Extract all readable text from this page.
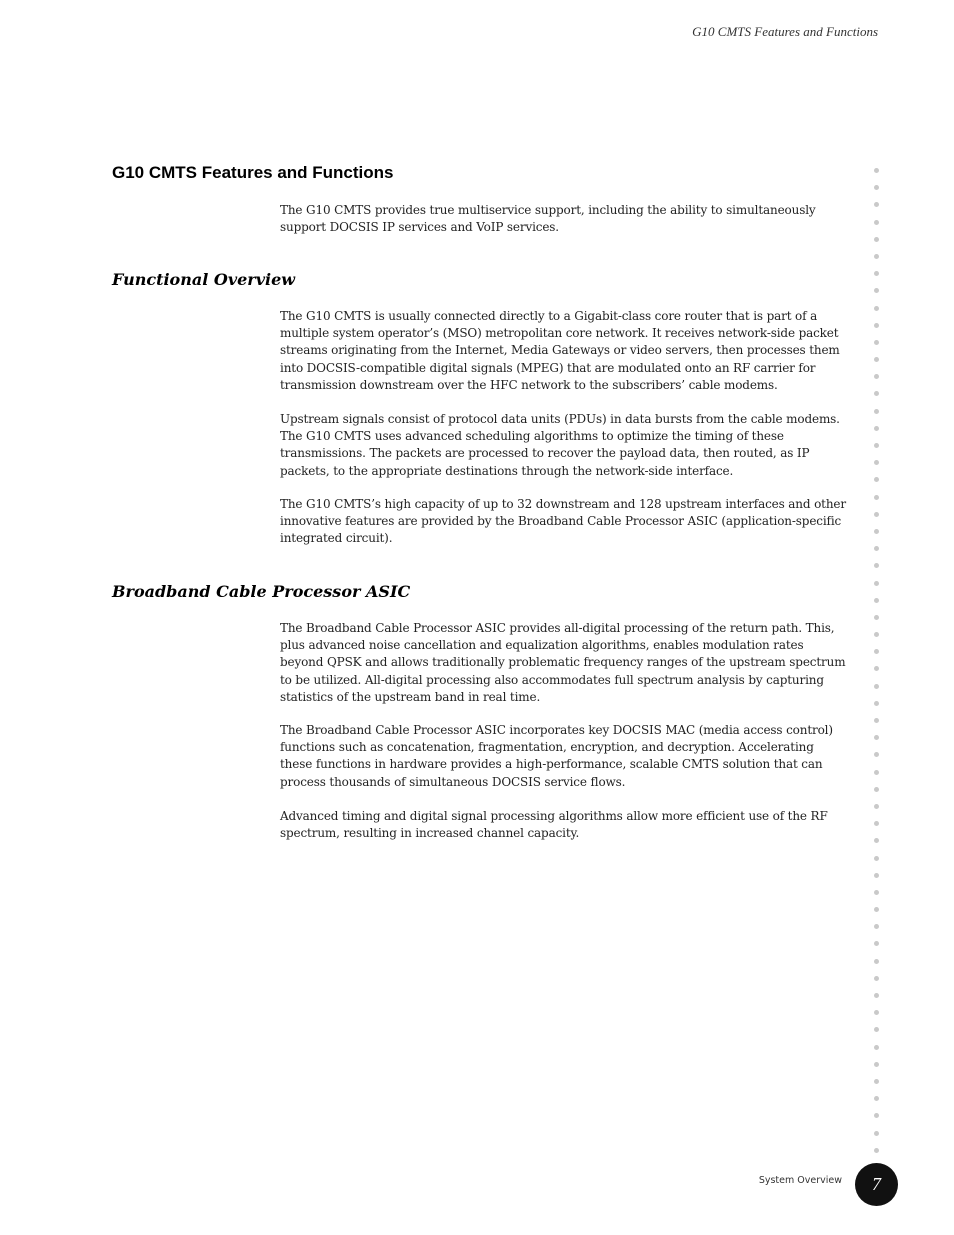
G10 CMTS Features and Functions
G10 CMTS Features and Functions

The G10 CMTS provides true multiservice support, including the ability to simultaneously support DOCSIS IP services and VoIP services.

Functional Overview

The G10 CMTS is usually connected directly to a Gigabit-class core router that is part of a multiple system operator’s (MSO) metropolitan core network. It receives network-side packet streams originating from the Internet, Media Gateways or video servers, then processes them into DOCSIS-compatible digital signals (MPEG) that are modulated onto an RF carrier for transmission downstream over the HFC network to the subscribers’ cable modems.

Upstream signals consist of protocol data units (PDUs) in data bursts from the cable modems. The G10 CMTS uses advanced scheduling algorithms to optimize the timing of these transmissions. The packets are processed to recover the payload data, then routed, as IP packets, to the appropriate destinations through the network-side interface.

The G10 CMTS’s high capacity of up to 32 downstream and 128 upstream interfaces and other innovative features are provided by the Broadband Cable Processor ASIC (application-specific integrated circuit).

Broadband Cable Processor ASIC

The Broadband Cable Processor ASIC provides all-digital processing of the return path. This, plus advanced noise cancellation and equalization algorithms, enables modulation rates beyond QPSK and allows traditionally problematic frequency ranges of the upstream spectrum to be utilized. All-digital processing also accommodates full spectrum analysis by capturing statistics of the upstream band in real time.

The Broadband Cable Processor ASIC incorporates key DOCSIS MAC (media access control) functions such as concatenation, fragmentation, encryption, and decryption. Accelerating these functions in hardware provides a high-performance, scalable CMTS solution that can process thousands of simultaneous DOCSIS service flows.

Advanced timing and digital signal processing algorithms allow more efficient use of the RF spectrum, resulting in increased channel capacity.

System Overview	7
